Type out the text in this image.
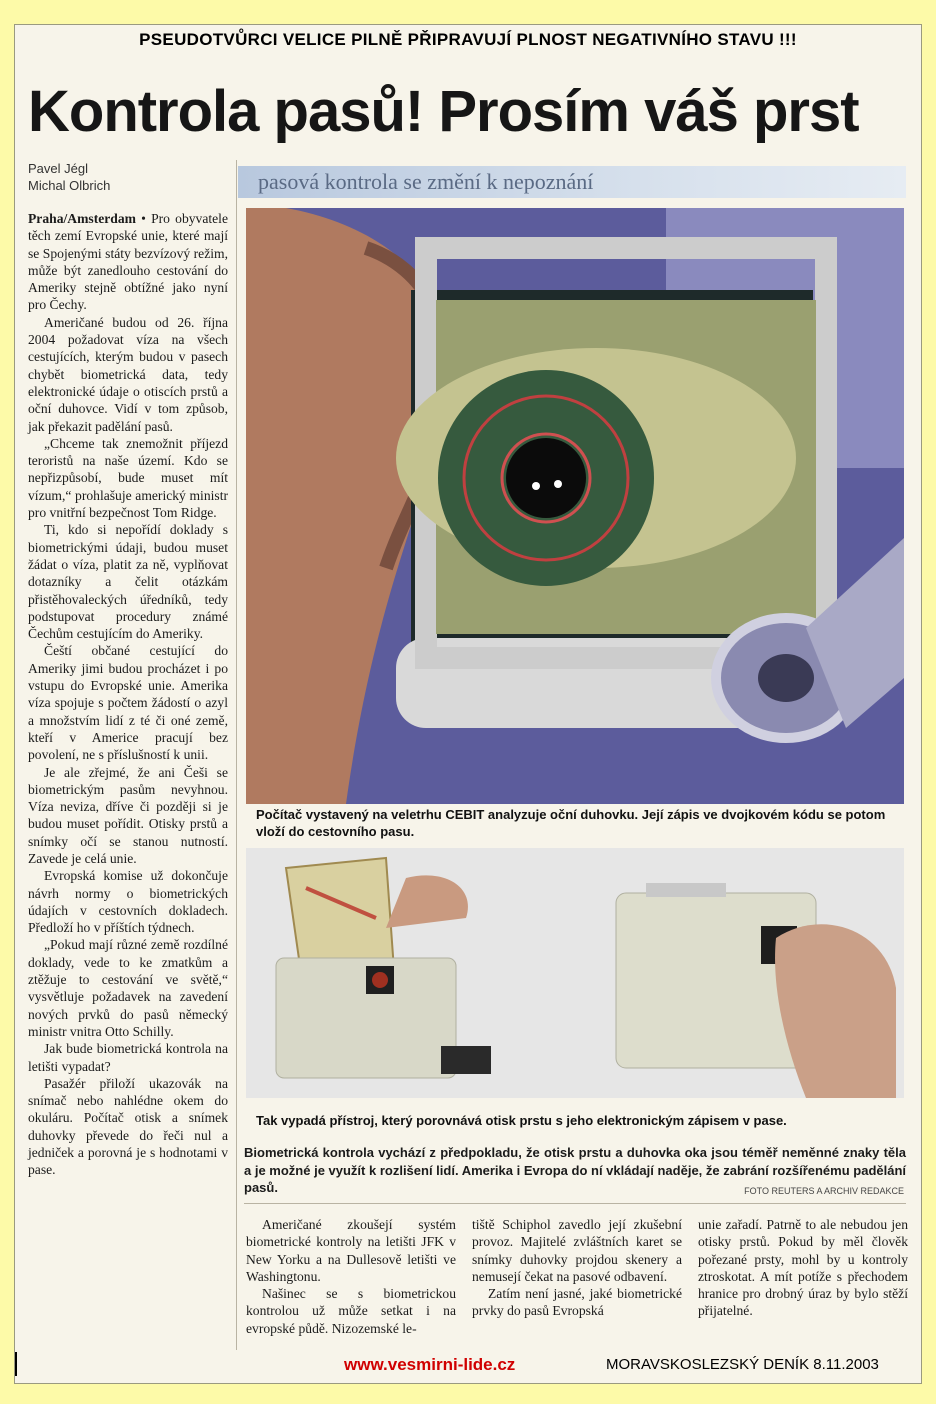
PSEUDOTVŮRCI VELICE PILNĚ PŘIPRAVUJÍ PLNOST NEGATIVNÍHO STAVU !!!
Kontrola pasů! Prosím váš prst
Pavel Jégl
Michal Olbrich	pasová kontrola se změní k nepoznání

Praha/Amsterdam • Pro obyvatele těch zemí Evropské unie, které mají se Spojenými státy bezvízový režim, může být zanedlouho cestování do Ameriky stejně obtížné jako nyní pro Čechy.

Američané budou od 26. října 2004 požadovat víza na všech cestujících, kterým budou v pasech chybět biometrická data, tedy elektronické údaje o otiscích prstů a oční duhovce. Vidí v tom způsob, jak překazit padělání pasů.

„Chceme tak znemožnit příjezd teroristů na naše území. Kdo se nepřizpůsobí, bude muset mít vízum,“ prohlašuje americký ministr pro vnitřní bezpečnost Tom Ridge.

Ti, kdo si nepořídí doklady s biometrickými údaji, budou muset žádat o víza, platit za ně, vyplňovat dotazníky a čelit otázkám přistěhovaleckých úředníků, tedy podstupovat procedury známé Čechům cestujícím do Ameriky.

Čeští občané cestující do Ameriky jimi budou procházet i po vstupu do Evropské unie. Amerika víza spojuje s počtem žádostí o azyl a množstvím lidí z té či oné země, kteří v Americe pracují bez povolení, ne s příslušností k unii.

Je ale zřejmé, že ani Češi se biometrickým pasům nevyhnou. Víza neviza, dříve či později si je budou muset pořídit. Otisky prstů a snímky očí se stanou nutností. Zavede je celá unie.

Evropská komise už dokončuje návrh normy o biometrických údajích v cestovních dokladech. Předloží ho v příštích týdnech.

„Pokud mají různé země rozdílné doklady, vede to ke zmatkům a ztěžuje to cestování ve světě,“ vysvětluje požadavek na zavedení nových prvků do pasů německý ministr vnitra Otto Schilly.

Jak bude biometrická kontrola na letišti vypadat?

Pasažér přiloží ukazovák na snímač nebo nahlédne okem do okuláru. Počítač otisk a snímek duhovky převede do řeči nul a jedniček a porovná je s hodnotami v pase.

Počítač vystavený na veletrhu CEBIT analyzuje oční duhovku. Její zápis ve dvojkovém kódu se potom vloží do cestovního pasu.
Tak vypadá přístroj, který porovnává otisk prstu s jeho elektronickým zápisem v pase.
Biometrická kontrola vychází z předpokladu, že otisk prstu a duhovka oka jsou téměř neměnné znaky těla a je možné je využít k rozlišení lidí. Amerika i Evropa do ní vkládají naděje, že zabrání rozšířenému padělání pasů.	FOTO REUTERS A ARCHIV REDAKCE

Američané zkoušejí systém biometrické kontroly na letišti JFK v New Yorku a na Dullesově letišti ve Washingtonu.

Našinec se s biometrickou kontrolou už může setkat i na evropské půdě. Nizozemské le-

tiště Schiphol zavedlo její zkušební provoz. Majitelé zvláštních karet se snímky duhovky projdou skenery a nemusejí čekat na pasové odbavení.

Zatím není jasné, jaké biometrické prvky do pasů Evropská

unie zařadí. Patrně to ale nebudou jen otisky prstů. Pokud by měl člověk pořezané prsty, mohl by u kontroly ztroskotat. A mít potíže s přechodem hranice pro drobný úraz by bylo stěží přijatelné.

www.vesmirni-lide.cz	MORAVSKOSLEZSKÝ DENÍK 8.11.2003
